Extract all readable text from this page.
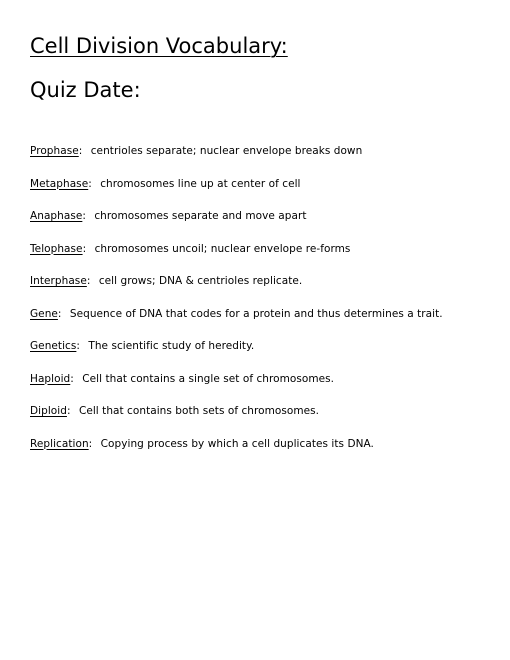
Cell Division Vocabulary:
Quiz Date:
Prophase: centrioles separate; nuclear envelope breaks down
Metaphase: chromosomes line up at center of cell
Anaphase: chromosomes separate and move apart
Telophase: chromosomes uncoil; nuclear envelope re-forms
Interphase: cell grows; DNA & centrioles replicate.
Gene: Sequence of DNA that codes for a protein and thus determines a trait.
Genetics: The scientific study of heredity.
Haploid: Cell that contains a single set of chromosomes.
Diploid: Cell that contains both sets of chromosomes.
Replication: Copying process by which a cell duplicates its DNA.
